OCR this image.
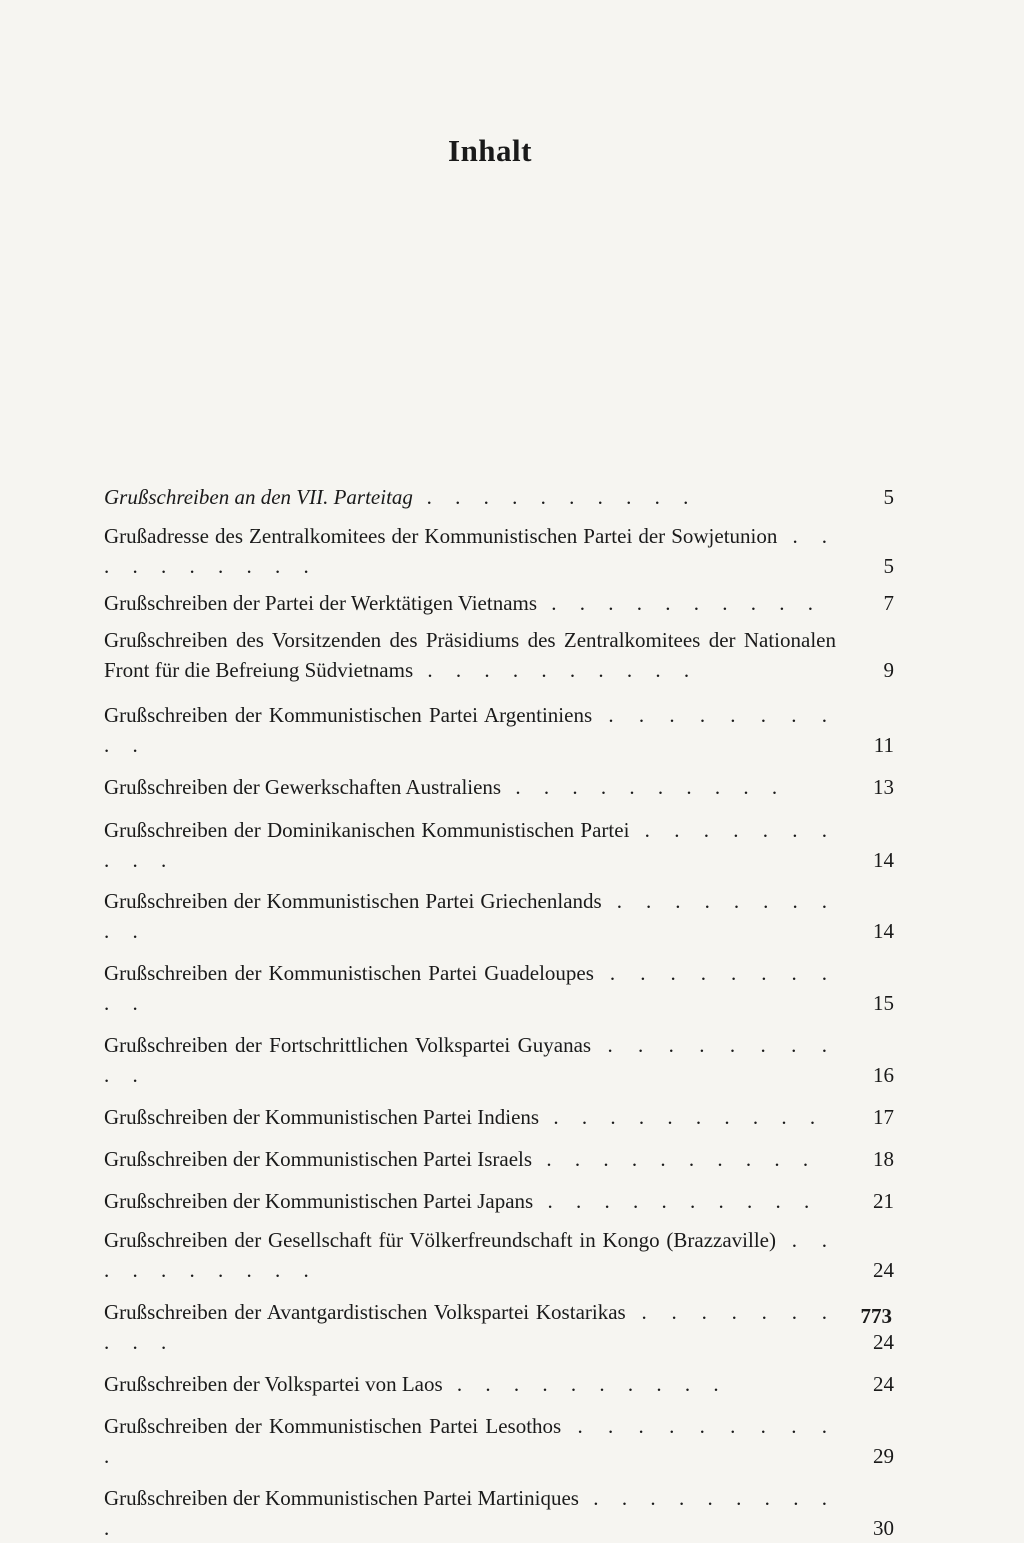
Inhalt
Grußschreiben an den VII. Parteitag . . . . . . . . . .	5
Grußadresse des Zentralkomitees der Kommunistischen Partei der Sowjetunion . . . . . . . . . .	5
Grußschreiben der Partei der Werktätigen Vietnams . . . . . . . . . .	7
Grußschreiben des Vorsitzenden des Präsidiums des Zentralkomitees der Nationalen Front für die Befreiung Südvietnams . . . . . . . . . .	9
Grußschreiben der Kommunistischen Partei Argentiniens . . . . . . . . . .	11
Grußschreiben der Gewerkschaften Australiens . . . . . . . . . .	13
Grußschreiben der Dominikanischen Kommunistischen Partei . . . . . . . . . .	14
Grußschreiben der Kommunistischen Partei Griechenlands . . . . . . . . . .	14
Grußschreiben der Kommunistischen Partei Guadeloupes . . . . . . . . . .	15
Grußschreiben der Fortschrittlichen Volkspartei Guyanas . . . . . . . . . .	16
Grußschreiben der Kommunistischen Partei Indiens . . . . . . . . . .	17
Grußschreiben der Kommunistischen Partei Israels . . . . . . . . . .	18
Grußschreiben der Kommunistischen Partei Japans . . . . . . . . . .	21
Grußschreiben der Gesellschaft für Völkerfreundschaft in Kongo (Brazzaville) . . . . . . . . . .	24
Grußschreiben der Avantgardistischen Volkspartei Kostarikas . . . . . . . . . .	24
Grußschreiben der Volkspartei von Laos . . . . . . . . . .	24
Grußschreiben der Kommunistischen Partei Lesothos . . . . . . . . . .	29
Grußschreiben der Kommunistischen Partei Martiniques . . . . . . . . . .	30
773
